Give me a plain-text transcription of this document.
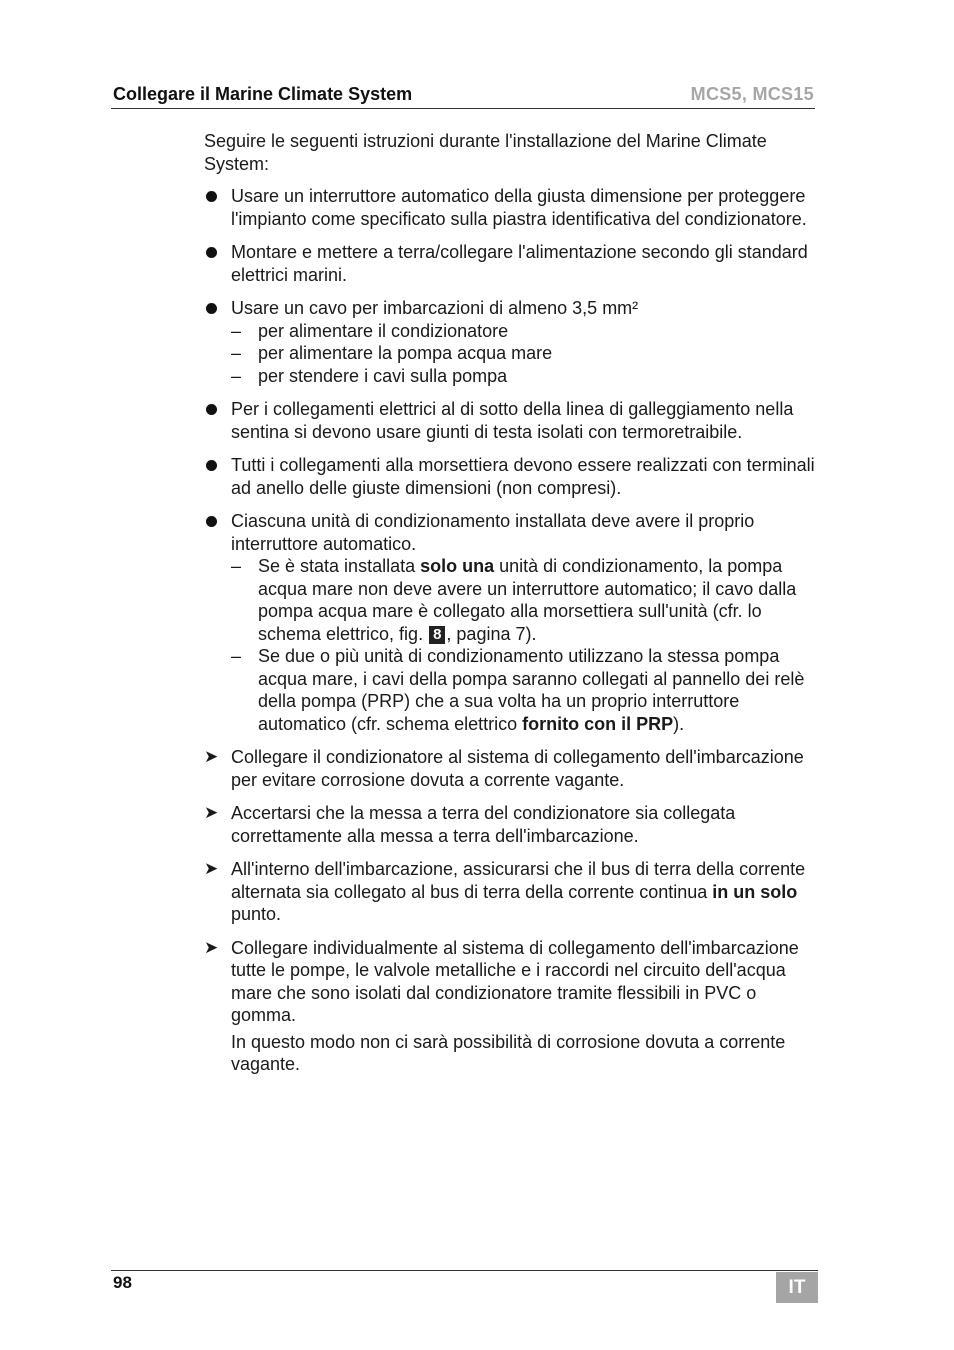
Collegare il Marine Climate System	MCS5, MCS15

Seguire le seguenti istruzioni durante l'installazione del Marine Climate System:

Usare un interruttore automatico della giusta dimensione per proteggere l'impianto come specificato sulla piastra identificativa del condizionatore.
Montare e mettere a terra/collegare l'alimentazione secondo gli standard elettrici marini.
Usare un cavo per imbarcazioni di almeno 3,5 mm²
– per alimentare il condizionatore
– per alimentare la pompa acqua mare
– per stendere i cavi sulla pompa
Per i collegamenti elettrici al di sotto della linea di galleggiamento nella sentina si devono usare giunti di testa isolati con termoretraibile.
Tutti i collegamenti alla morsettiera devono essere realizzati con terminali ad anello delle giuste dimensioni (non compresi).
Ciascuna unità di condizionamento installata deve avere il proprio interruttore automatico.
– Se è stata installata solo una unità di condizionamento, la pompa acqua mare non deve avere un interruttore automatico; il cavo dalla pompa acqua mare è collegato alla morsettiera sull'unità (cfr. lo schema elettrico, fig. 8 , pagina 7).
– Se due o più unità di condizionamento utilizzano la stessa pompa acqua mare, i cavi della pompa saranno collegati al pannello dei relè della pompa (PRP) che a sua volta ha un proprio interruttore automatico (cfr. schema elettrico fornito con il PRP).
➤ Collegare il condizionatore al sistema di collegamento dell'imbarcazione per evitare corrosione dovuta a corrente vagante.
➤ Accertarsi che la messa a terra del condizionatore sia collegata correttamente alla messa a terra dell'imbarcazione.
➤ All'interno dell'imbarcazione, assicurarsi che il bus di terra della corrente alternata sia collegato al bus di terra della corrente continua in un solo punto.
➤ Collegare individualmente al sistema di collegamento dell'imbarcazione tutte le pompe, le valvole metalliche e i raccordi nel circuito dell'acqua mare che sono isolati dal condizionatore tramite flessibili in PVC o gomma.
In questo modo non ci sarà possibilità di corrosione dovuta a corrente vagante.
98	IT
